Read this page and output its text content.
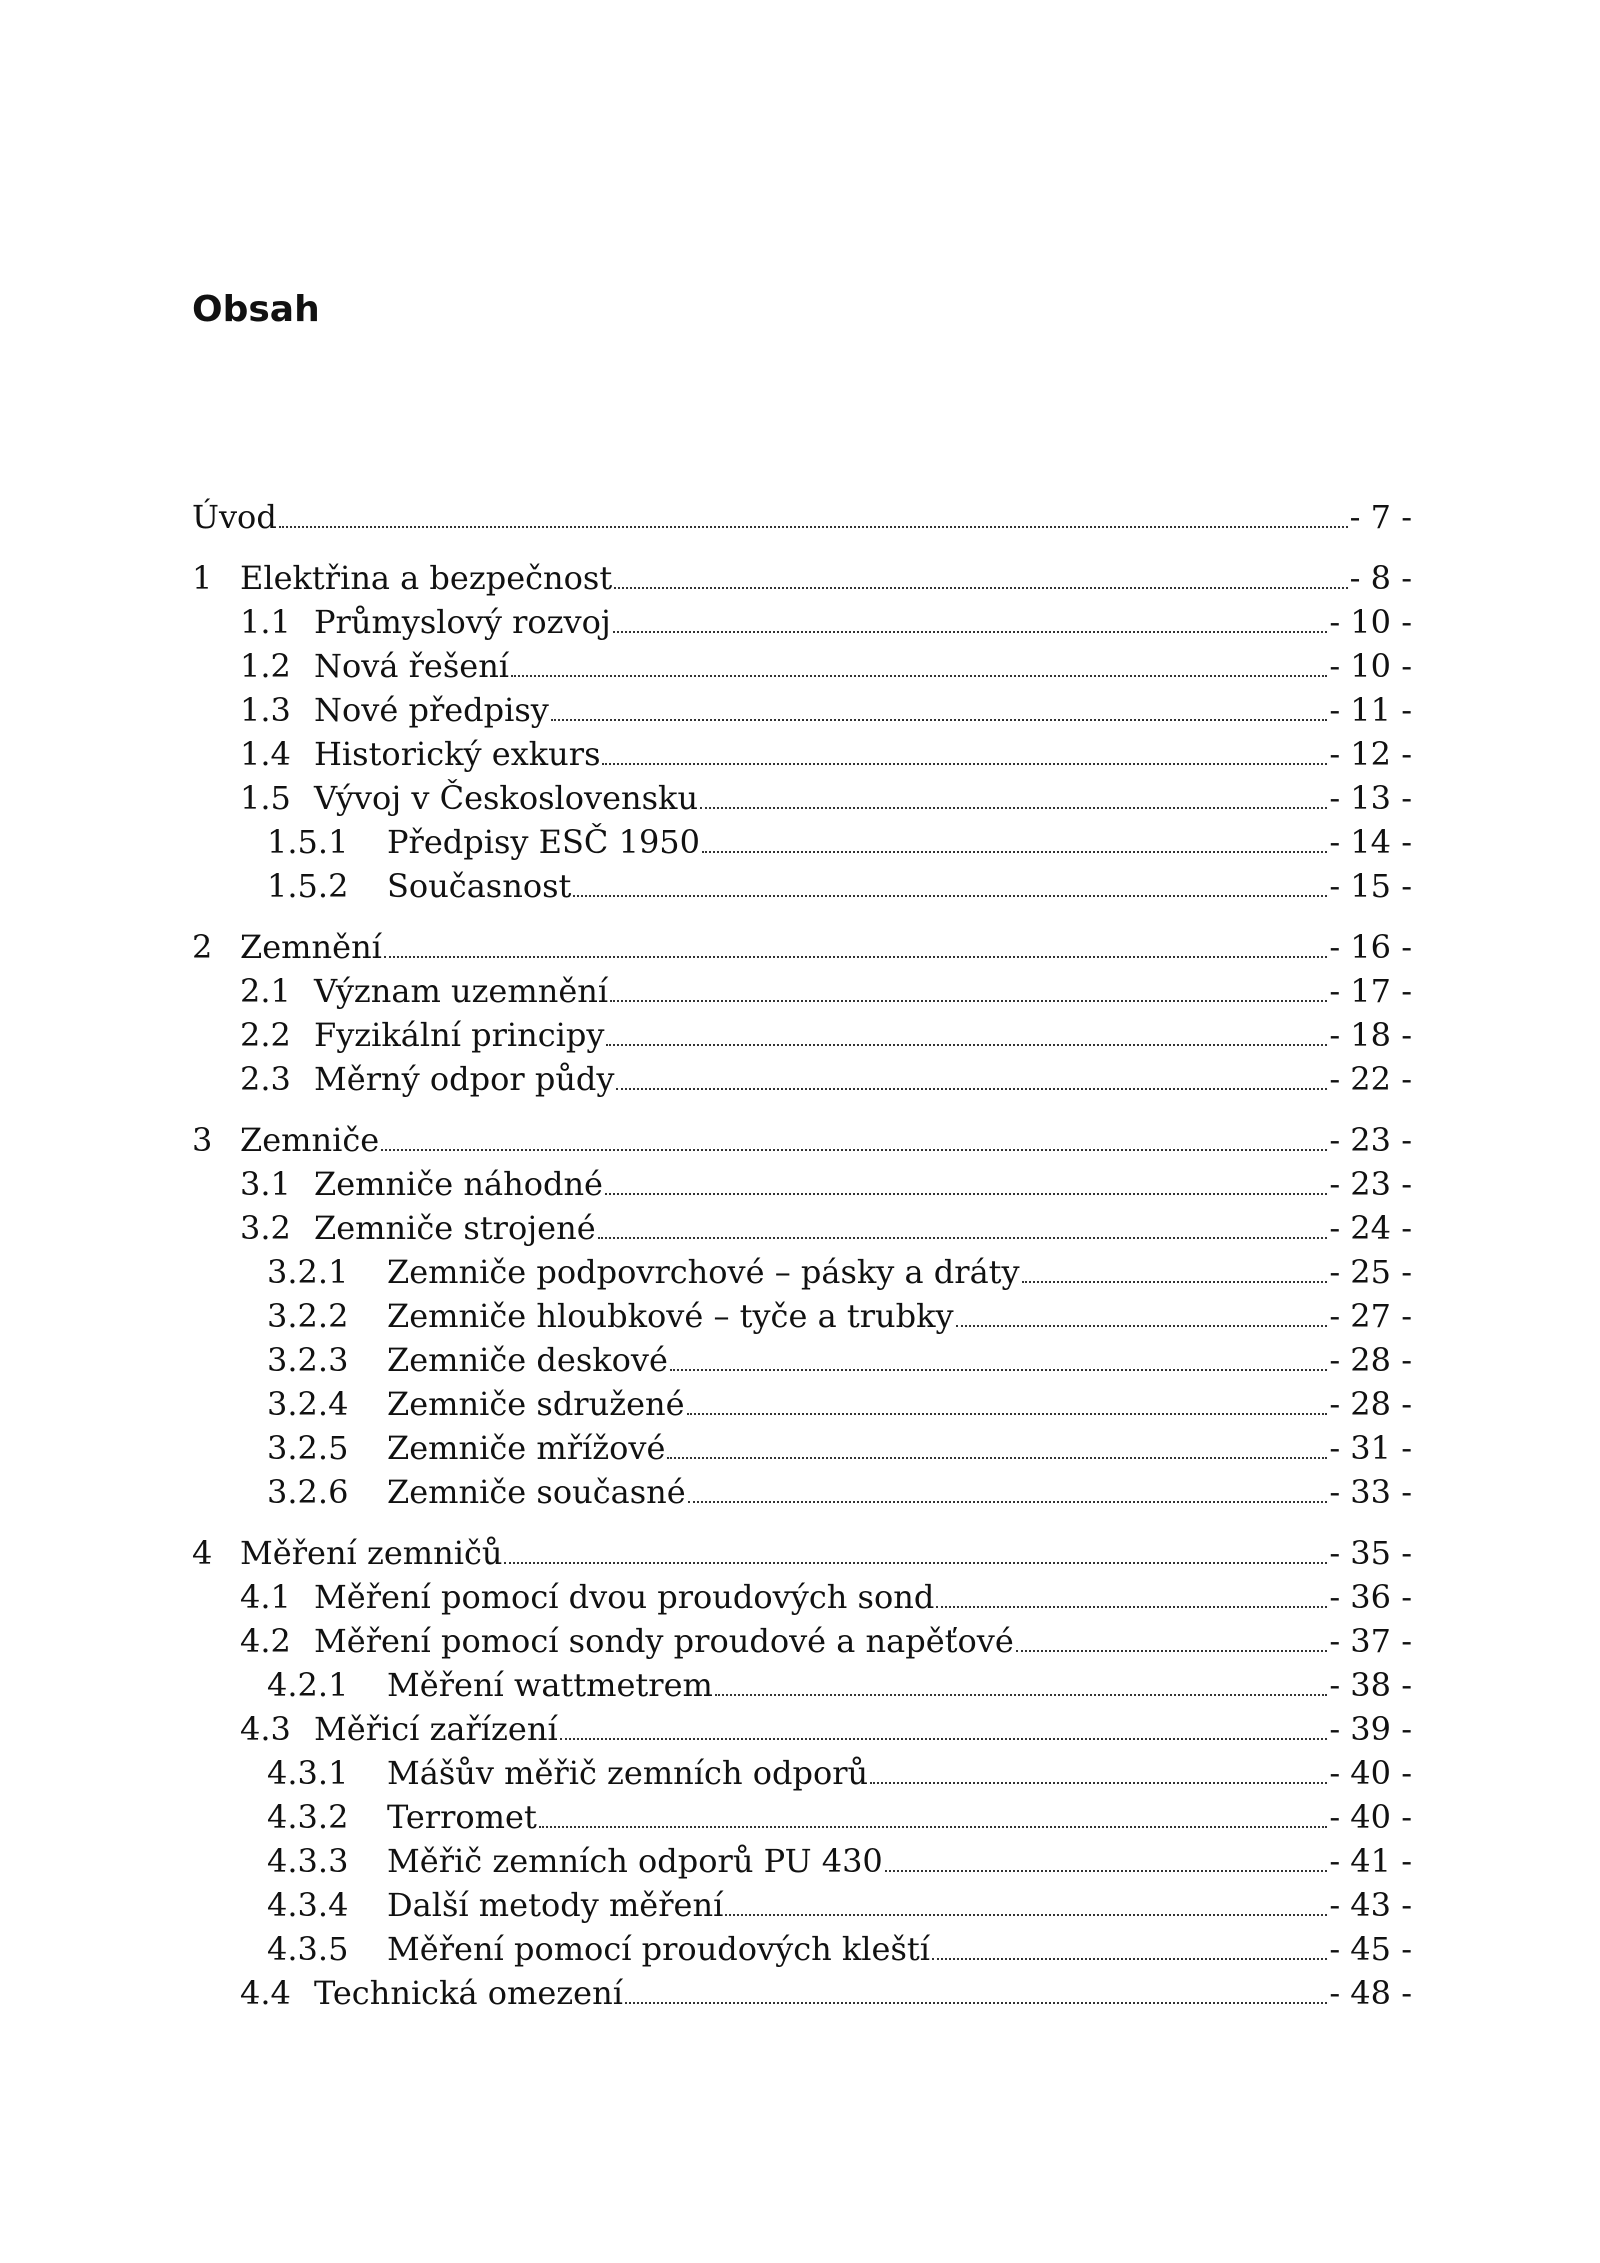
Obsah
Úvod	- 7 -
1 Elektřina a bezpečnost	- 8 -
1.1 Průmyslový rozvoj	- 10 -
1.2 Nová řešení	- 10 -
1.3 Nové předpisy	- 11 -
1.4 Historický exkurs	- 12 -
1.5 Vývoj v Československu	- 13 -
1.5.1	Předpisy ESČ 1950	- 14 -
1.5.2	Současnost	- 15 -
2 Zemnění	- 16 -
2.1 Význam uzemnění	- 17 -
2.2 Fyzikální principy	- 18 -
2.3 Měrný odpor půdy	- 22 -
3 Zemniče	- 23 -
3.1 Zemniče náhodné	- 23 -
3.2 Zemniče strojené	- 24 -
3.2.1	Zemniče podpovrchové – pásky a dráty	- 25 -
3.2.2	Zemniče hloubkové – tyče a trubky	- 27 -
3.2.3	Zemniče deskové	- 28 -
3.2.4	Zemniče sdružené	- 28 -
3.2.5	Zemniče mřížové	- 31 -
3.2.6	Zemniče současné	- 33 -
4 Měření zemničů	- 35 -
4.1 Měření pomocí dvou proudových sond	- 36 -
4.2 Měření pomocí sondy proudové a napěťové	- 37 -
4.2.1	Měření wattmetrem	- 38 -
4.3 Měřicí zařízení	- 39 -
4.3.1	Mášův měřič zemních odporů	- 40 -
4.3.2	Terromet	- 40 -
4.3.3	Měřič zemních odporů PU 430	- 41 -
4.3.4	Další metody měření	- 43 -
4.3.5	Měření pomocí proudových kleští	- 45 -
4.4 Technická omezení	- 48 -
